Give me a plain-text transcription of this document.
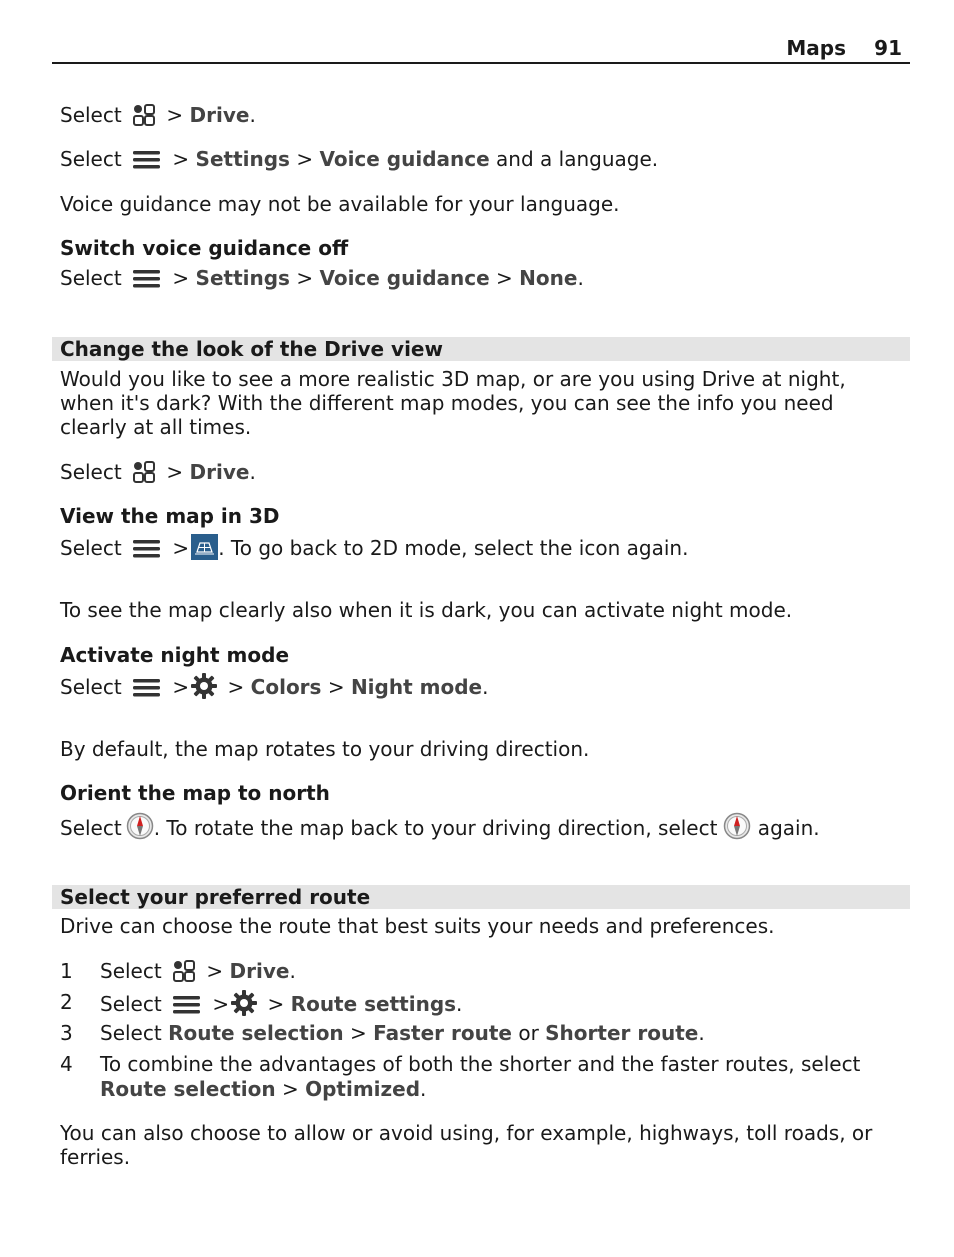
Maps 91
Select > Drive.
Select	> Settings > Voice guidance and a language.
Voice guidance may not be available for your language.
Switch voice guidance off
Select	> Settings > Voice guidance > None.
Change the look of the Drive view
Would you like to see a more realistic 3D map, or are you using Drive at night, when it's dark? With the different map modes, you can see the info you need clearly at all times.
Select > Drive.
View the map in 3D
Select	> . To go back to 2D mode, select the icon again.
To see the map clearly also when it is dark, you can activate night mode.
Activate night mode
Select	> > Colors > Night mode.
By default, the map rotates to your driving direction.
Orient the map to north
Select . To rotate the map back to your driving direction, select
again.
Select your preferred route
Drive can choose the route that best suits your needs and preferences.
1 Select > Drive.
2 Select	> > Route settings.
3 Select Route selection > Faster route or Shorter route.
4 To combine the advantages of both the shorter and the faster routes, select
Route selection > Optimized.
You can also choose to allow or avoid using, for example, highways, toll roads, or ferries.
